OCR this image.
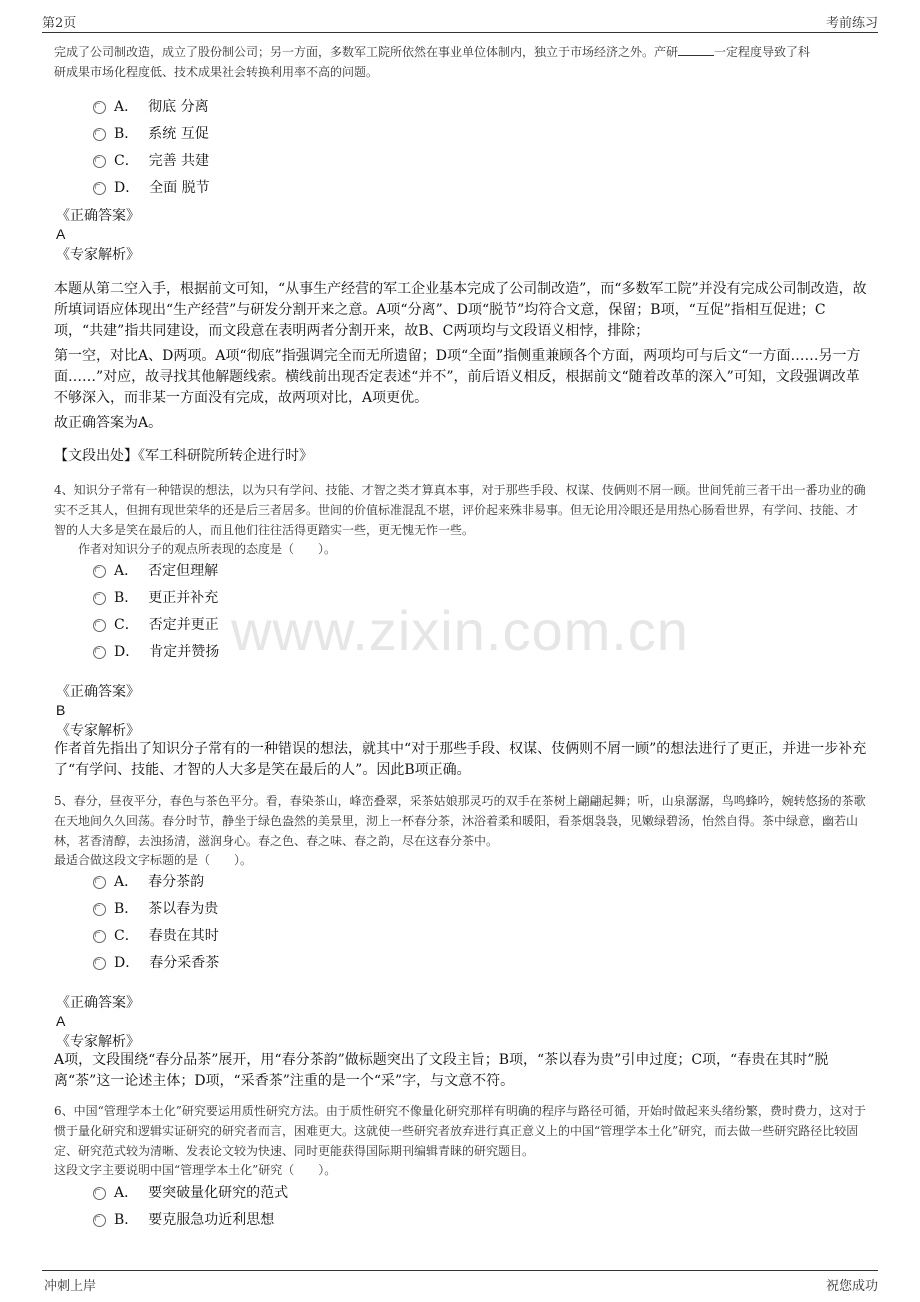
第2页	考前练习
www.zixin.com.cn
完成了公司制改造，成立了股份制公司；另一方面，多数军工院所依然在事业单位体制内，独立于市场经济之外。产研	一定程度导致了科
研成果市场化程度低、技术成果社会转换利用率不高的问题。
A． 彻底 分离
B． 系统 互促
C． 完善 共建
D． 全面 脱节
《正确答案》
A
《专家解析》
本题从第二空入手，根据前文可知，“从事生产经营的军工企业基本完成了公司制改造”，而“多数军工院”并没有完成公司制改造，故所填词语应体现出“生产经营”与研发分割开来之意。A项“分离”、D项“脱节”均符合文意，保留；B项，“互促”指相互促进；C项，“共建”指共同建设，而文段意在表明两者分割开来，故B、C两项均与文段语义相悖，排除；
第一空，对比A、D两项。A项“彻底”指强调完全而无所遗留；D项“全面”指侧重兼顾各个方面，两项均可与后文“一方面……另一方面……”对应，故寻找其他解题线索。横线前出现否定表述“并不”，前后语义相反，根据前文“随着改革的深入”可知，文段强调改革不够深入，而非某一方面没有完成，故两项对比，A项更优。
故正确答案为A。
【文段出处】《军工科研院所转企进行时》
4、知识分子常有一种错误的想法，以为只有学问、技能、才智之类才算真本事，对于那些手段、权谋、伎俩则不屑一顾。世间凭前三者干出一番功业的确实不乏其人，但拥有现世荣华的还是后三者居多。世间的价值标准混乱不堪，评价起来殊非易事。但无论用冷眼还是用热心肠看世界，有学问、技能、才智的人大多是笑在最后的人，而且他们往往活得更踏实一些，更无愧无怍一些。
作者对知识分子的观点所表现的态度是（　　）。
A． 否定但理解
B． 更正并补充
C． 否定并更正
D． 肯定并赞扬
《正确答案》
B
《专家解析》
作者首先指出了知识分子常有的一种错误的想法，就其中“对于那些手段、权谋、伎俩则不屑一顾”的想法进行了更正，并进一步补充了“有学问、技能、才智的人大多是笑在最后的人”。因此B项正确。
5、春分，昼夜平分，春色与茶色平分。看，春染茶山，峰峦叠翠，采茶姑娘那灵巧的双手在茶树上翩翩起舞；听，山泉潺潺，鸟鸣蜂吟，婉转悠扬的茶歌在天地间久久回荡。春分时节，静坐于绿色盎然的美景里，沏上一杯春分茶，沐浴着柔和暖阳，看茶烟袅袅，见嫩绿碧汤，怡然自得。茶中绿意，幽若山林，茗香清醇，去浊扬清，滋润身心。春之色、春之味、春之韵，尽在这春分茶中。
最适合做这段文字标题的是（　　）。
A． 春分茶韵
B． 茶以春为贵
C． 春贵在其时
D． 春分采香茶
《正确答案》
A
《专家解析》
A项，文段围绕“春分品茶”展开，用“春分茶韵”做标题突出了文段主旨；B项，“茶以春为贵”引申过度；C项，“春贵在其时”脱离“茶”这一论述主体；D项，“采香茶”注重的是一个“采”字，与文意不符。
6、中国“管理学本土化”研究要运用质性研究方法。由于质性研究不像量化研究那样有明确的程序与路径可循，开始时做起来头绪纷繁，费时费力，这对于惯于量化研究和逻辑实证研究的研究者而言，困难更大。这就使一些研究者放弃进行真正意义上的中国“管理学本土化”研究，而去做一些研究路径比较固定、研究范式较为清晰、发表论文较为快速、同时更能获得国际期刊编辑青睐的研究题目。
这段文字主要说明中国“管理学本土化”研究（　　）。
A． 要突破量化研究的范式
B． 要克服急功近利思想
冲刺上岸	祝您成功
